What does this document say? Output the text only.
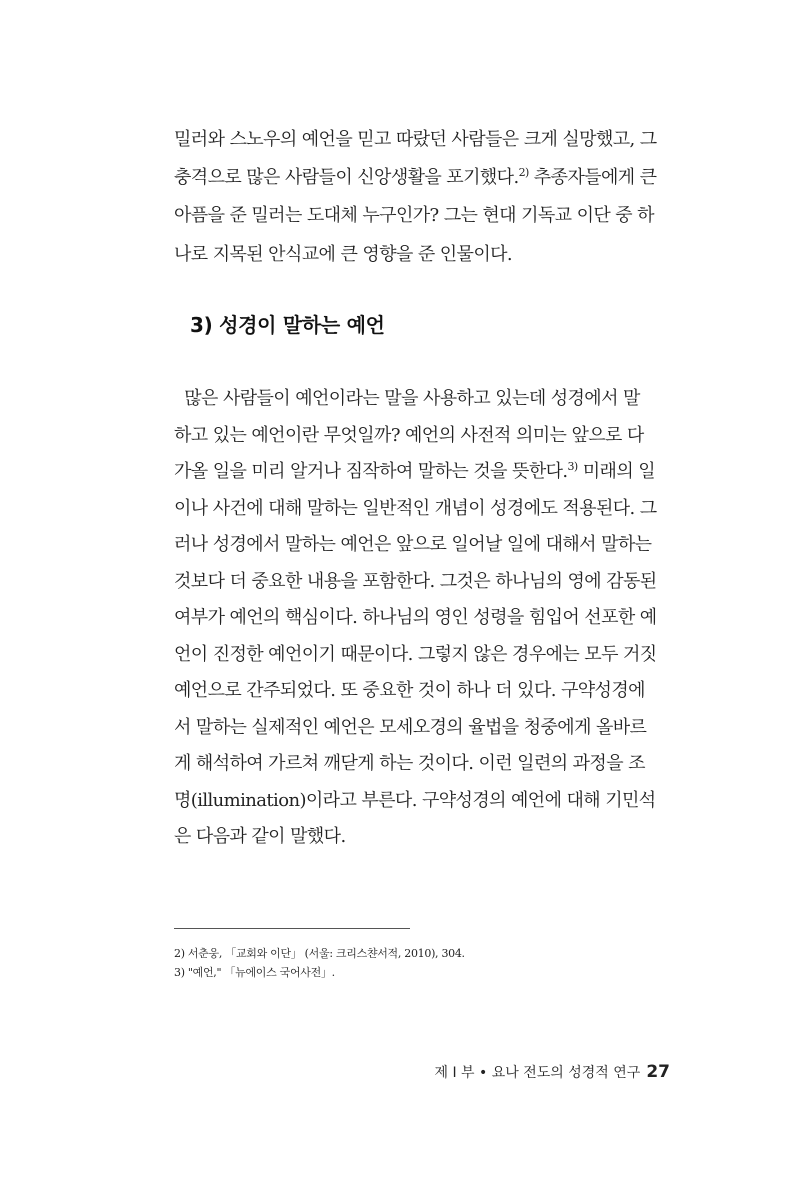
밀러와 스노우의 예언을 믿고 따랐던 사람들은 크게 실망했고, 그
충격으로 많은 사람들이 신앙생활을 포기했다.$^{2)}$ 추종자들에게 큰
아픔을 준 밀러는 도대체 누구인가? 그는 현대 기독교 이단 중 하
나로 지목된 안식교에 큰 영향을 준 인물이다.

3) 성경이 말하는 예언

많은 사람들이 예언이라는 말을 사용하고 있는데 성경에서 말
하고 있는 예언이란 무엇일까? 예언의 사전적 의미는 앞으로 다
가올 일을 미리 알거나 짐작하여 말하는 것을 뜻한다.$^{3)}$ 미래의 일
이나 사건에 대해 말하는 일반적인 개념이 성경에도 적용된다. 그
러나 성경에서 말하는 예언은 앞으로 일어날 일에 대해서 말하는
것보다 더 중요한 내용을 포함한다. 그것은 하나님의 영에 감동된
여부가 예언의 핵심이다. 하나님의 영인 성령을 힘입어 선포한 예
언이 진정한 예언이기 때문이다. 그렇지 않은 경우에는 모두 거짓
예언으로 간주되었다. 또 중요한 것이 하나 더 있다. 구약성경에
서 말하는 실제적인 예언은 모세오경의 율법을 청중에게 올바르
게 해석하여 가르쳐 깨닫게 하는 것이다. 이런 일련의 과정을 조
명(illumination)이라고 부른다. 구약성경의 예언에 대해 기민석
은 다음과 같이 말했다.

2) 서춘웅, 「교회와 이단」 (서울: 크리스챤서적, 2010), 304.
3) "예언," 「뉴에이스 국어사전」.
제 I 부 • 요나 전도의 성경적 연구 27
